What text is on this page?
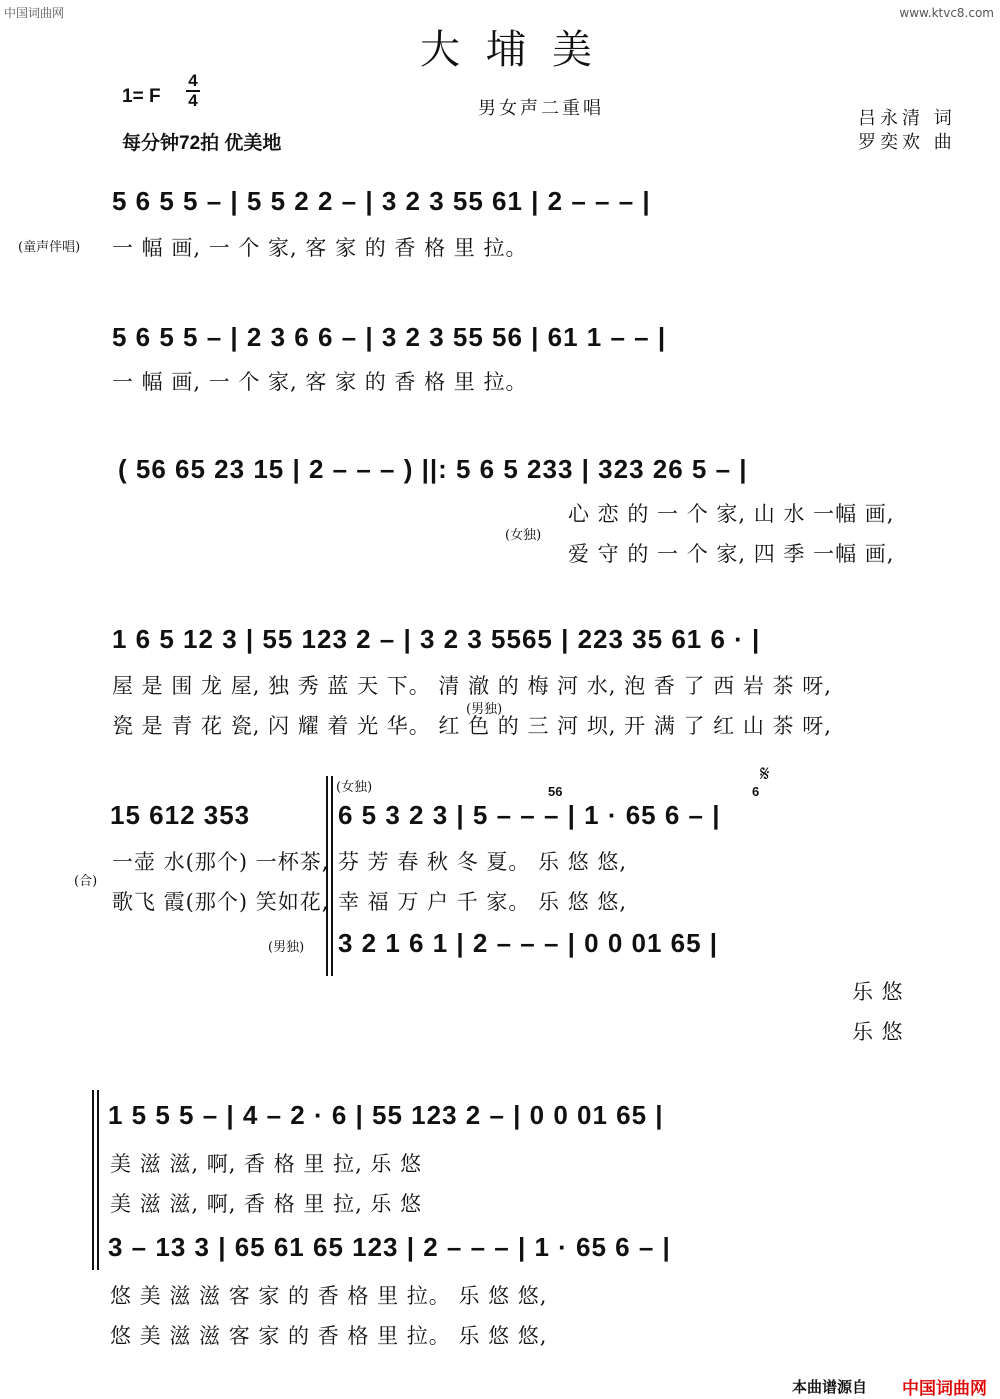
中国词曲网	www.ktvc8.com
大埔美
1= F
4
4
每分钟72拍 优美地
男女声二重唱	吕永清 词
罗奕欢 曲
5 6 5 5 – | 5 5 2 2 – | 3 2 3 55 61 | 2 – – – |
(童声伴唱) 一 幅 画, 一 个 家, 客 家 的 香 格 里 拉。
5 6 5 5 – | 2 3 6 6 – | 3 2 3 55 56 | 61 1 – – |
一 幅 画, 一 个 家, 客 家 的 香 格 里 拉。
( 56 65 23 15 | 2 – – – ) ||: 5 6 5 233 | 323 26 5 – |
(女独)
心 恋 的 一 个 家, 山 水 一幅 画,
爱 守 的 一 个 家, 四 季 一幅 画,
1 6 5 12 3 | 55 123 2 – | 3 2 3 5565 | 223 35 61 6 · |
(男独)
屋 是 围 龙 屋, 独 秀 蓝 天 下。 清 澈 的 梅 河 水, 泡 香 了 西 岩 茶 呀,
瓷 是 青 花 瓷, 闪 耀 着 光 华。 红 色 的 三 河 坝, 开 满 了 红 山 茶 呀,
(女独)
15 612 353	6 5 3 2 3 | 5 – – – | 1 · 65 6 – |
56	6
𝄋
(合)
一壶 水(那个) 一杯茶,
歌飞 霞(那个) 笑如花,
芬 芳 春 秋 冬 夏。 乐 悠 悠,
幸 福 万 户 千 家。 乐 悠 悠,
(男独) 3 2 1 6 1 | 2 – – – | 0 0 01 65 |
乐 悠
乐 悠
1 5 5 5 – | 4 – 2 · 6 | 55 123 2 – | 0 0 01 65 |
美 滋 滋, 啊, 香 格 里 拉, 乐 悠
美 滋 滋, 啊, 香 格 里 拉, 乐 悠
3 – 13 3 | 65 61 65 123 | 2 – – – | 1 · 65 6 – |
悠 美 滋 滋 客 家 的 香 格 里 拉。 乐 悠 悠,
悠 美 滋 滋 客 家 的 香 格 里 拉。 乐 悠 悠,
本曲谱源自 中国词曲网
